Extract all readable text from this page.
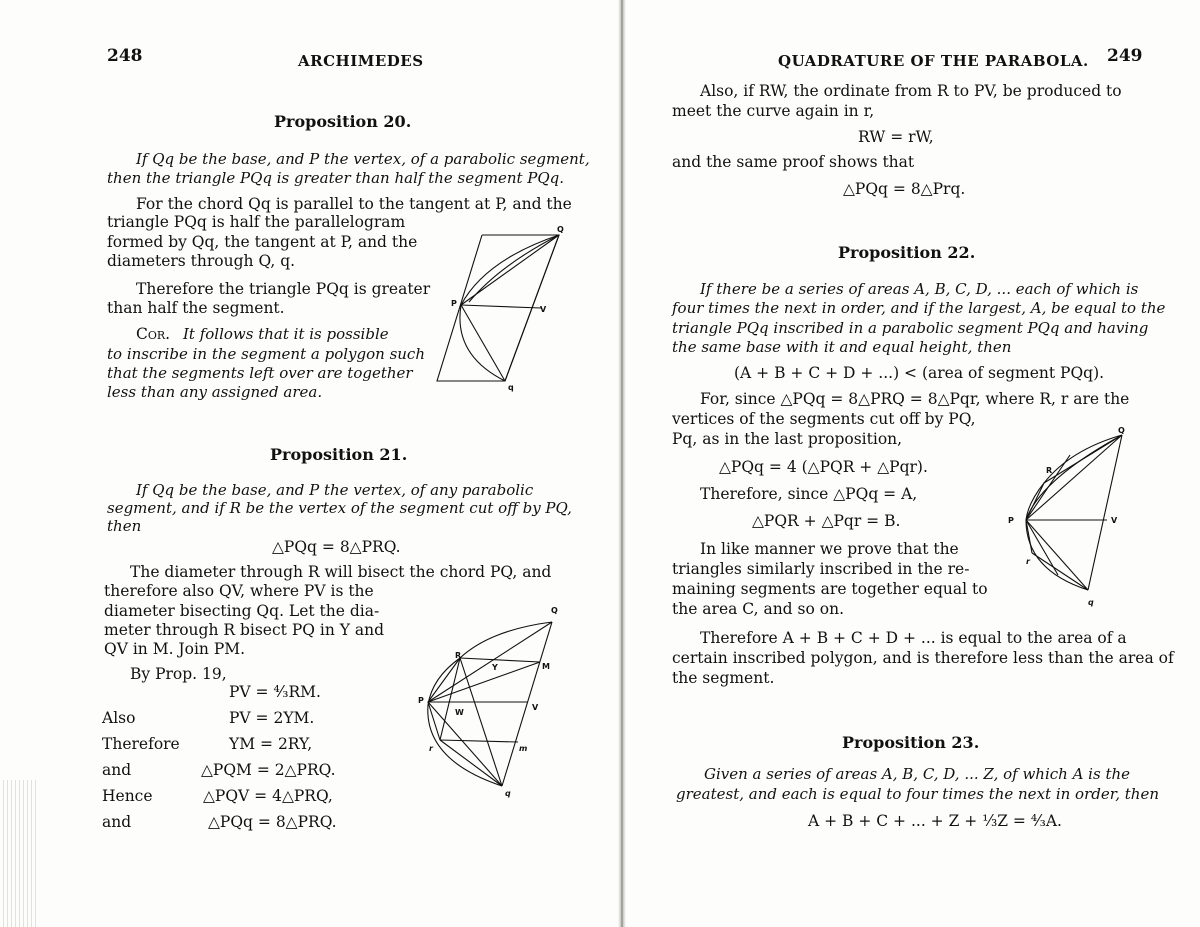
248	ARCHIMEDES
Proposition 20.
If Qq be the base, and P the vertex, of a parabolic segment,
then the triangle PQq is greater than half the segment PQq.
For the chord Qq is parallel to the tangent at P, and the
triangle PQq is half the parallelogram
formed by Qq, the tangent at P, and the
diameters through Q, q.
Therefore the triangle PQq is greater
than half the segment.
Cor. It follows that it is possible
to inscribe in the segment a polygon such
that the segments left over are together
less than any assigned area.
Q
P
V
q
Proposition 21.
If Qq be the base, and P the vertex, of any parabolic
segment, and if R be the vertex of the segment cut off by PQ,
then
△PQq = 8△PRQ.
The diameter through R will bisect the chord PQ, and
therefore also QV, where PV is the
diameter bisecting Qq. Let the dia-
meter through R bisect PQ in Y and
QV in M. Join PM.
By Prop. 19,
PV = ⁴⁄₃RM.
Also	PV = 2YM.
Therefore	YM = 2RY,
and	△PQM = 2△PRQ.
Hence	△PQV = 4△PRQ,
and	△PQq = 8△PRQ.
Q
R
Y	M
P
W
V
r	m
q
QUADRATURE OF THE PARABOLA. 249
Also, if RW, the ordinate from R to PV, be produced to
meet the curve again in r,
RW = rW,
and the same proof shows that
△PQq = 8△Prq.
Proposition 22.
If there be a series of areas A, B, C, D, ... each of which is
four times the next in order, and if the largest, A, be equal to the
triangle PQq inscribed in a parabolic segment PQq and having
the same base with it and equal height, then
(A + B + C + D + ...) < (area of segment PQq).
For, since △PQq = 8△PRQ = 8△Pqr, where R, r are the
vertices of the segments cut off by PQ,
Pq, as in the last proposition,
△PQq = 4 (△PQR + △Pqr).
Therefore, since △PQq = A,
△PQR + △Pqr = B.
In like manner we prove that the
triangles similarly inscribed in the re-
maining segments are together equal to
the area C, and so on.
Therefore A + B + C + D + ... is equal to the area of a
certain inscribed polygon, and is therefore less than the area of
the segment.
Q
R
P	V
r
q
Proposition 23.
Given a series of areas A, B, C, D, ... Z, of which A is the
greatest, and each is equal to four times the next in order, then
A + B + C + ... + Z + ⅓Z = ⁴⁄₃A.
